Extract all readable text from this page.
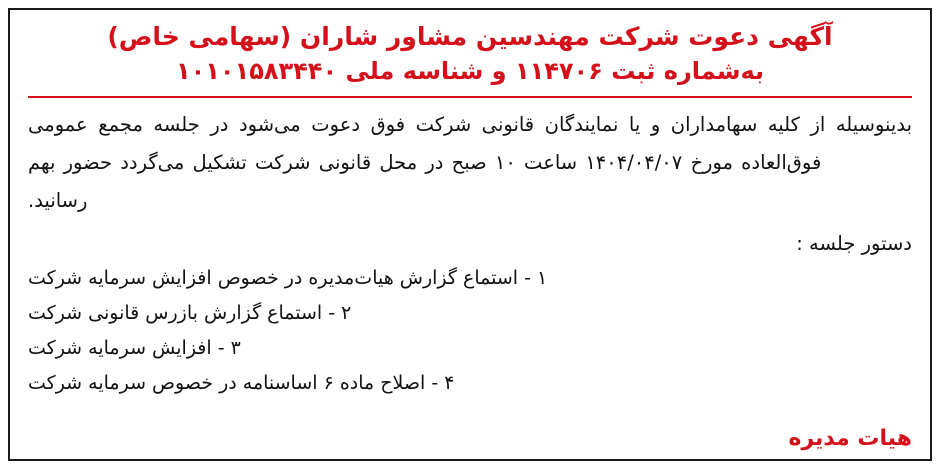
آگهی دعوت شرکت مهندسین مشاور شاران (سهامی خاص)
به‌شماره ثبت ۱۱۴۷۰۶ و شناسه ملی ۱۰۱۰۱۵۸۳۴۴۰
بدینوسیله از کلیه سهامداران و یا نمایندگان قانونی شرکت فوق دعوت می‌شود در جلسه مجمع عمومی فوق‌العاده مورخ ۱۴۰۴/۰۴/۰۷ ساعت ۱۰ صبح در محل قانونی شرکت تشکیل می‌گردد حضور بهم
رسانید.
دستور جلسه :
۱ - استماع گزارش هیات‌مدیره در خصوص افزایش سرمایه شرکت
۲ - استماع گزارش بازرس قانونی شرکت
۳ - افزایش سرمایه شرکت
۴ - اصلاح ماده ۶ اساسنامه در خصوص سرمایه شرکت
هیات مدیره
